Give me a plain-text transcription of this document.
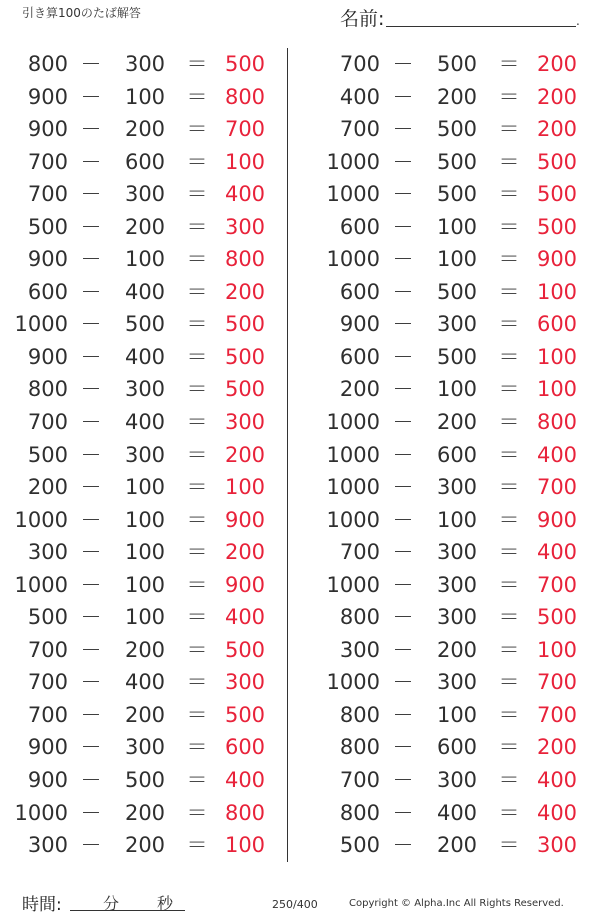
引き算100のたば解答	名前:	.
800 －	300	＝ 500
900 －	100	＝ 800
900 －	200	＝ 700
700 －	600	＝ 100
700 －	300	＝ 400
500 －	200	＝ 300
900 －	100	＝ 800
600 －	400	＝ 200
1000 －	500	＝ 500
900 －	400	＝ 500
800 －	300	＝ 500
700 －	400	＝ 300
500 －	300	＝ 200
200 －	100	＝ 100
1000 －	100	＝ 900
300 －	100	＝ 200
1000 －	100	＝ 900
500 －	100	＝ 400
700 －	200	＝ 500
700 －	400	＝ 300
700 －	200	＝ 500
900 －	300	＝ 600
900 －	500	＝ 400
1000 －	200	＝ 800
300 －	200	＝ 100
700 －	500	＝ 200
400 －	200	＝ 200
700 －	500	＝ 200
1000 －	500	＝ 500
1000 －	500	＝ 500
600 －	100	＝ 500
1000 －	100	＝ 900
600 －	500	＝ 100
900 －	300	＝ 600
600 －	500	＝ 100
200 －	100	＝ 100
1000 －	200	＝ 800
1000 －	600	＝ 400
1000 －	300	＝ 700
1000 －	100	＝ 900
700 －	300	＝ 400
1000 －	300	＝ 700
800 －	300	＝ 500
300 －	200	＝ 100
1000 －	300	＝ 700
800 －	100	＝ 700
800 －	600	＝ 200
700 －	300	＝ 400
800 －	400	＝ 400
500 －	200	＝ 300
時間:	分 秒	250/400	Copyright © Alpha.Inc All Rights Reserved.
